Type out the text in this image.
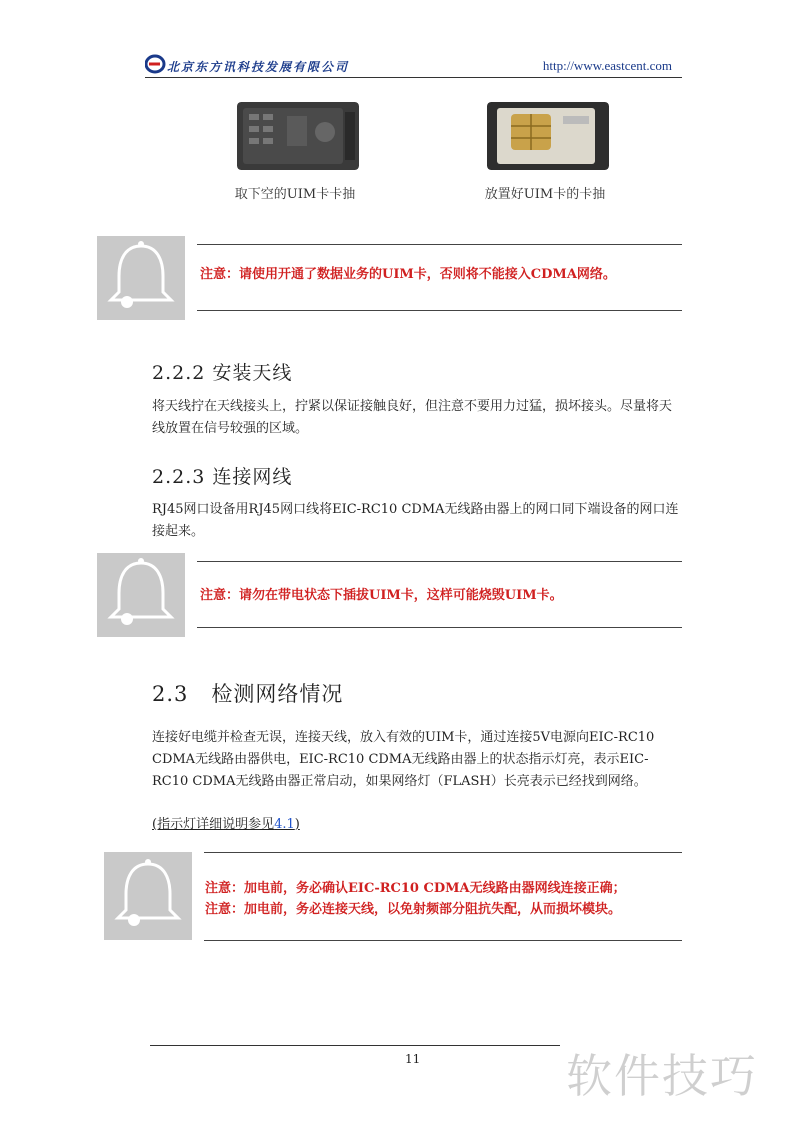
北京东方讯科技发展有限公司	http://www.eastcent.com
取下空的UIM卡卡抽	放置好UIM卡的卡抽
注意：请使用开通了数据业务的UIM卡，否则将不能接入CDMA网络。
2.2.2 安装天线
将天线拧在天线接头上，拧紧以保证接触良好，但注意不要用力过猛，损坏接头。尽量将天线放置在信号较强的区域。
2.2.3 连接网线
RJ45网口设备用RJ45网口线将EIC-RC10 CDMA无线路由器上的网口同下端设备的网口连接起来。
注意：请勿在带电状态下插拔UIM卡，这样可能烧毁UIM卡。
2.3   检测网络情况
连接好电缆并检查无误，连接天线，放入有效的UIM卡，通过连接5V电源向EIC-RC10 CDMA无线路由器供电，EIC-RC10 CDMA无线路由器上的状态指示灯亮，表示EIC-RC10 CDMA无线路由器正常启动，如果网络灯（FLASH）长亮表示已经找到网络。
(指示灯详细说明参见4.1)
注意：加电前，务必确认EIC-RC10 CDMA无线路由器网线连接正确；
注意：加电前，务必连接天线，以免射频部分阻抗失配，从而损坏模块。
11	软件技巧
